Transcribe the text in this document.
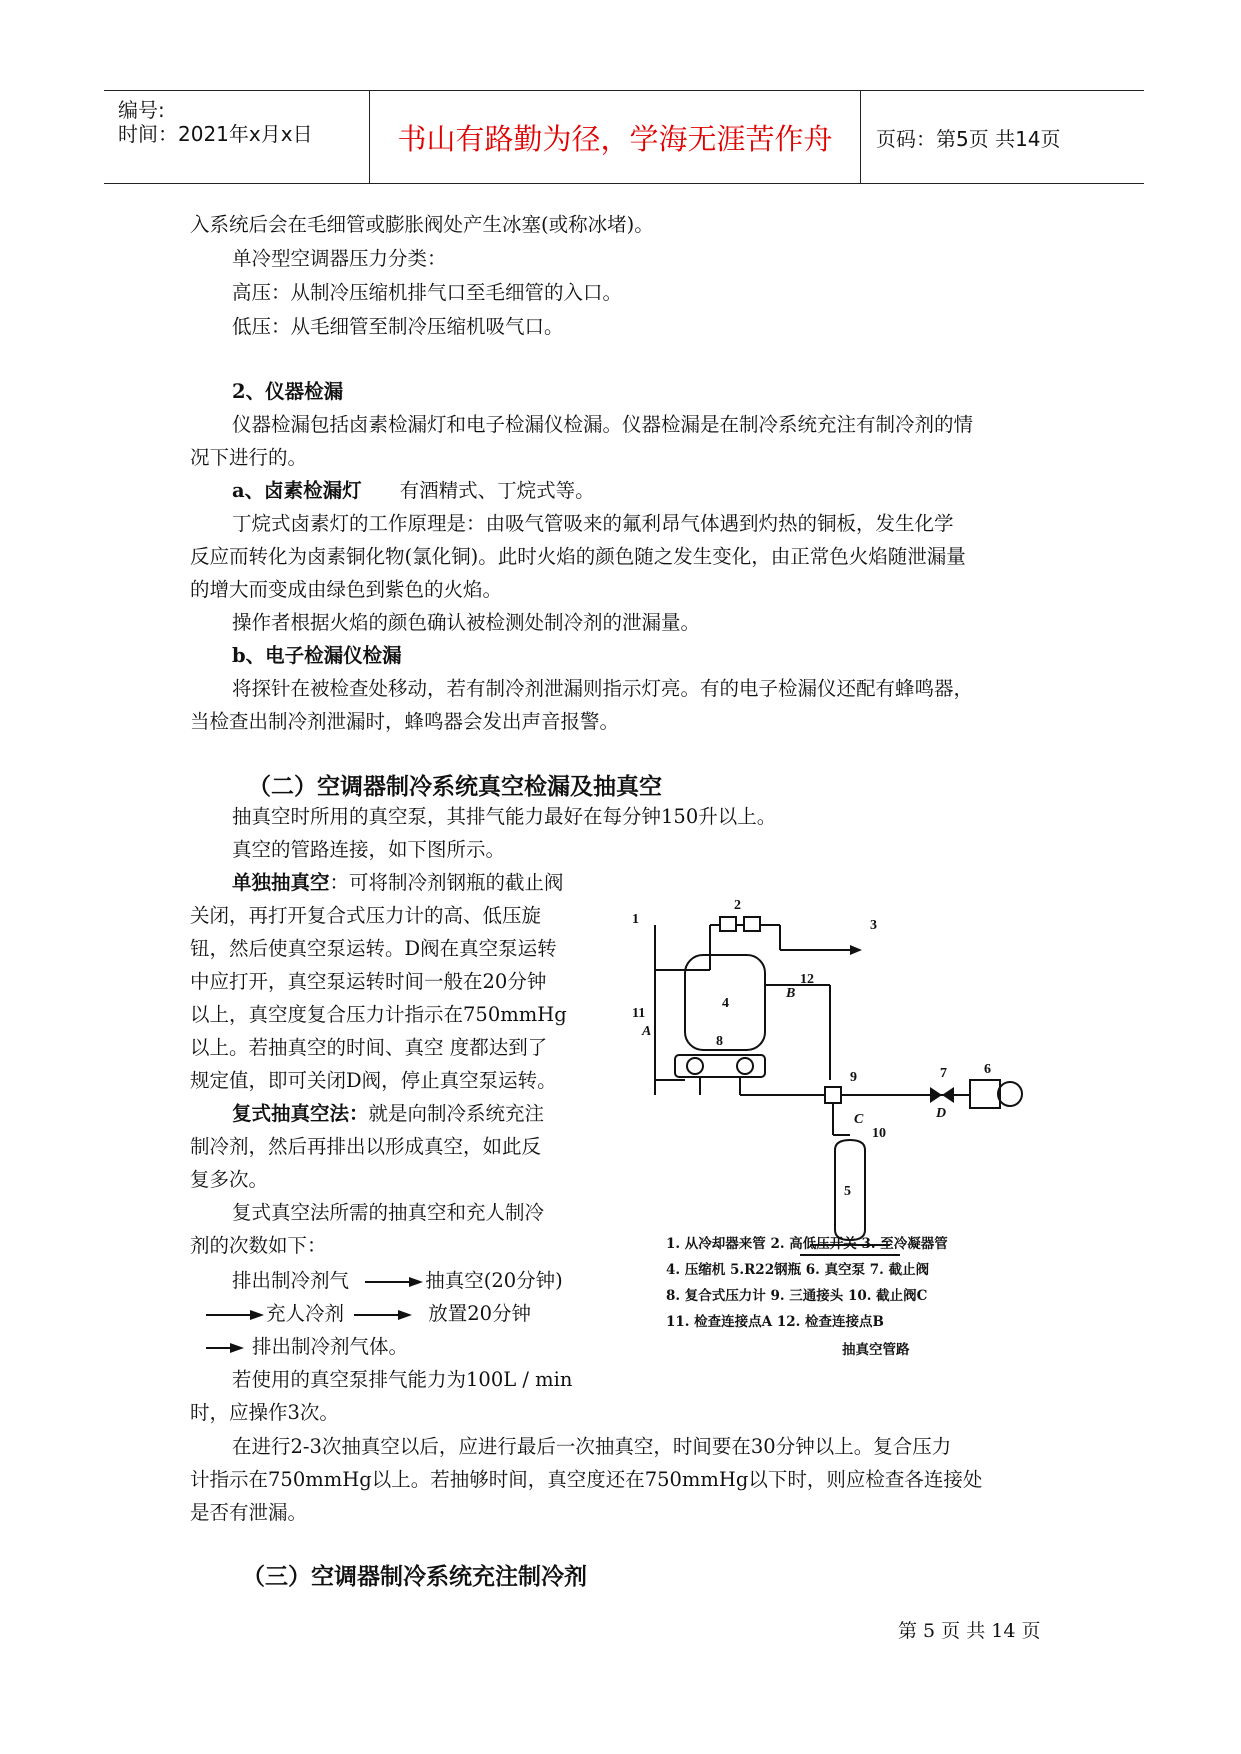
编号:
时间：2021年x月x日	书山有路勤为径，学海无涯苦作舟	页码：第5页 共14页
入系统后会在毛细管或膨胀阀处产生冰塞(或称冰堵)。
单冷型空调器压力分类：
高压：从制冷压缩机排气口至毛细管的入口。
低压：从毛细管至制冷压缩机吸气口。
2、仪器检漏
仪器检漏包括卤素检漏灯和电子检漏仪检漏。仪器检漏是在制冷系统充注有制冷剂的情
况下进行的。
a、卤素检漏灯 有酒精式、丁烷式等。
丁烷式卤素灯的工作原理是：由吸气管吸来的氟利昂气体遇到灼热的铜板，发生化学
反应而转化为卤素铜化物(氯化铜)。此时火焰的颜色随之发生变化，由正常色火焰随泄漏量
的增大而变成由绿色到紫色的火焰。
操作者根据火焰的颜色确认被检测处制冷剂的泄漏量。
b、电子检漏仪检漏
将探针在被检查处移动，若有制冷剂泄漏则指示灯亮。有的电子检漏仪还配有蜂鸣器，
当检查出制冷剂泄漏时，蜂鸣器会发出声音报警。
（二）空调器制冷系统真空检漏及抽真空
抽真空时所用的真空泵，其排气能力最好在每分钟150升以上。
真空的管路连接，如下图所示。
单独抽真空：可将制冷剂钢瓶的截止阀
关闭，再打开复合式压力计的高、低压旋
钮，然后使真空泵运转。D阀在真空泵运转
中应打开，真空泵运转时间一般在20分钟
以上，真空度复合压力计指示在750mmHg
以上。若抽真空的时间、真空 度都达到了
规定值，即可关闭D阀，停止真空泵运转。
复式抽真空法：就是向制冷系统充注
制冷剂，然后再排出以形成真空，如此反
复多次。
复式真空法所需的抽真空和充人制冷
剂的次数如下：
排出制冷剂气	抽真空(20分钟)
充人冷剂	放置20分钟
排出制冷剂气体。
若使用的真空泵排气能力为100L / min
时，应操作3次。
在进行2-3次抽真空以后，应进行最后一次抽真空，时间要在30分钟以上。复合压力
计指示在750mmHg以上。若抽够时间，真空度还在750mmHg以下时，则应检查各连接处
是否有泄漏。
（三）空调器制冷系统充注制冷剂
1
2
3
4
5
6
7
8
9
10
11
12
A
B
C	D
1. 从冷却器来管 2. 高低压开关 3. 至冷凝器管
4. 压缩机 5.R22钢瓶 6. 真空泵 7. 截止阀
8. 复合式压力计 9. 三通接头 10. 截止阀C
11. 检查连接点A 12. 检查连接点B
抽真空管路
第 5 页 共 14 页
